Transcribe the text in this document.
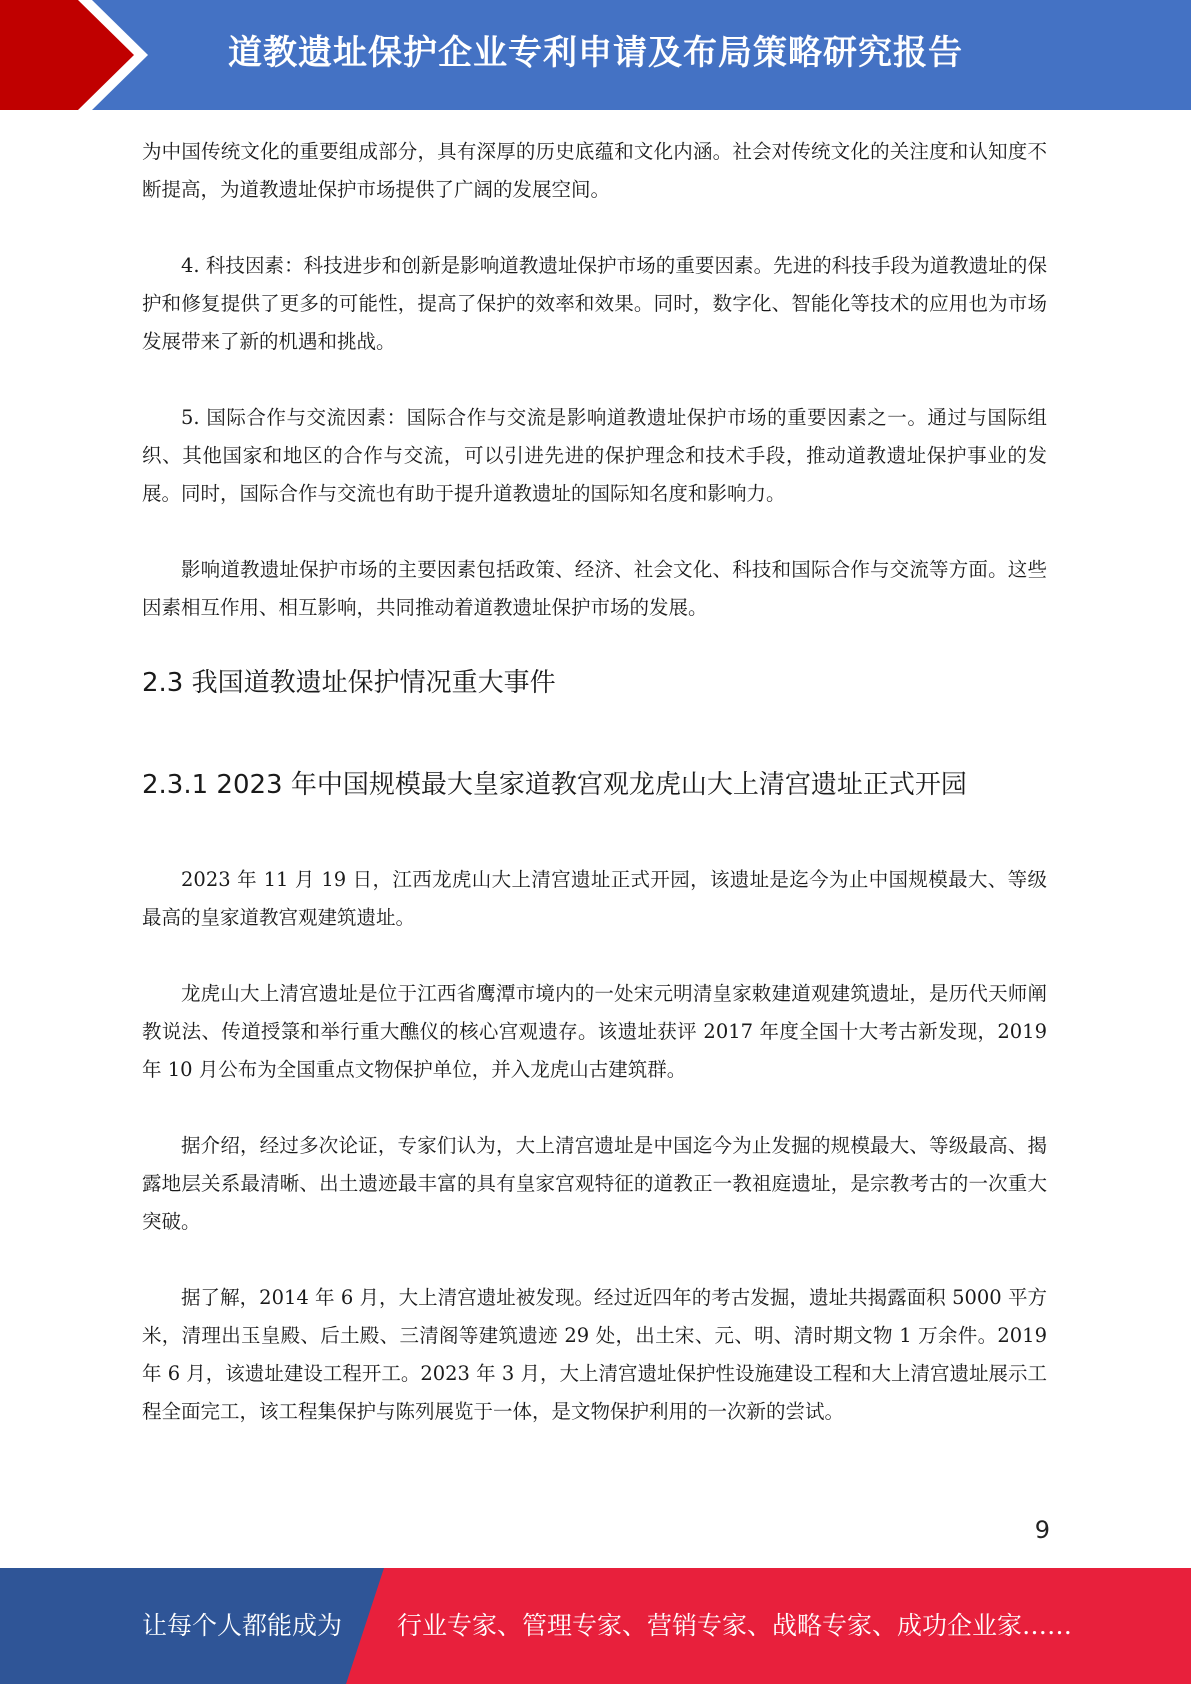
道教遗址保护企业专利申请及布局策略研究报告

为中国传统文化的重要组成部分，具有深厚的历史底蕴和文化内涵。社会对传统文化的关注度和认知度不断提高，为道教遗址保护市场提供了广阔的发展空间。

4. 科技因素：科技进步和创新是影响道教遗址保护市场的重要因素。先进的科技手段为道教遗址的保护和修复提供了更多的可能性，提高了保护的效率和效果。同时，数字化、智能化等技术的应用也为市场发展带来了新的机遇和挑战。

5. 国际合作与交流因素：国际合作与交流是影响道教遗址保护市场的重要因素之一。通过与国际组织、其他国家和地区的合作与交流，可以引进先进的保护理念和技术手段，推动道教遗址保护事业的发展。同时，国际合作与交流也有助于提升道教遗址的国际知名度和影响力。

影响道教遗址保护市场的主要因素包括政策、经济、社会文化、科技和国际合作与交流等方面。这些因素相互作用、相互影响，共同推动着道教遗址保护市场的发展。

2.3 我国道教遗址保护情况重大事件
2.3.1 2023 年中国规模最大皇家道教宫观龙虎山大上清宫遗址正式开园

2023 年 11 月 19 日，江西龙虎山大上清宫遗址正式开园，该遗址是迄今为止中国规模最大、等级最高的皇家道教宫观建筑遗址。

龙虎山大上清宫遗址是位于江西省鹰潭市境内的一处宋元明清皇家敕建道观建筑遗址，是历代天师阐教说法、传道授箓和举行重大醮仪的核心宫观遗存。该遗址获评 2017 年度全国十大考古新发现，2019 年 10 月公布为全国重点文物保护单位，并入龙虎山古建筑群。

据介绍，经过多次论证，专家们认为，大上清宫遗址是中国迄今为止发掘的规模最大、等级最高、揭露地层关系最清晰、出土遗迹最丰富的具有皇家宫观特征的道教正一教祖庭遗址，是宗教考古的一次重大突破。

据了解，2014 年 6 月，大上清宫遗址被发现。经过近四年的考古发掘，遗址共揭露面积 5000 平方米，清理出玉皇殿、后土殿、三清阁等建筑遗迹 29 处，出土宋、元、明、清时期文物 1 万余件。2019 年 6 月，该遗址建设工程开工。2023 年 3 月，大上清宫遗址保护性设施建设工程和大上清宫遗址展示工程全面完工，该工程集保护与陈列展览于一体，是文物保护利用的一次新的尝试。

9
让每个人都能成为 行业专家、管理专家、营销专家、战略专家、成功企业家……
